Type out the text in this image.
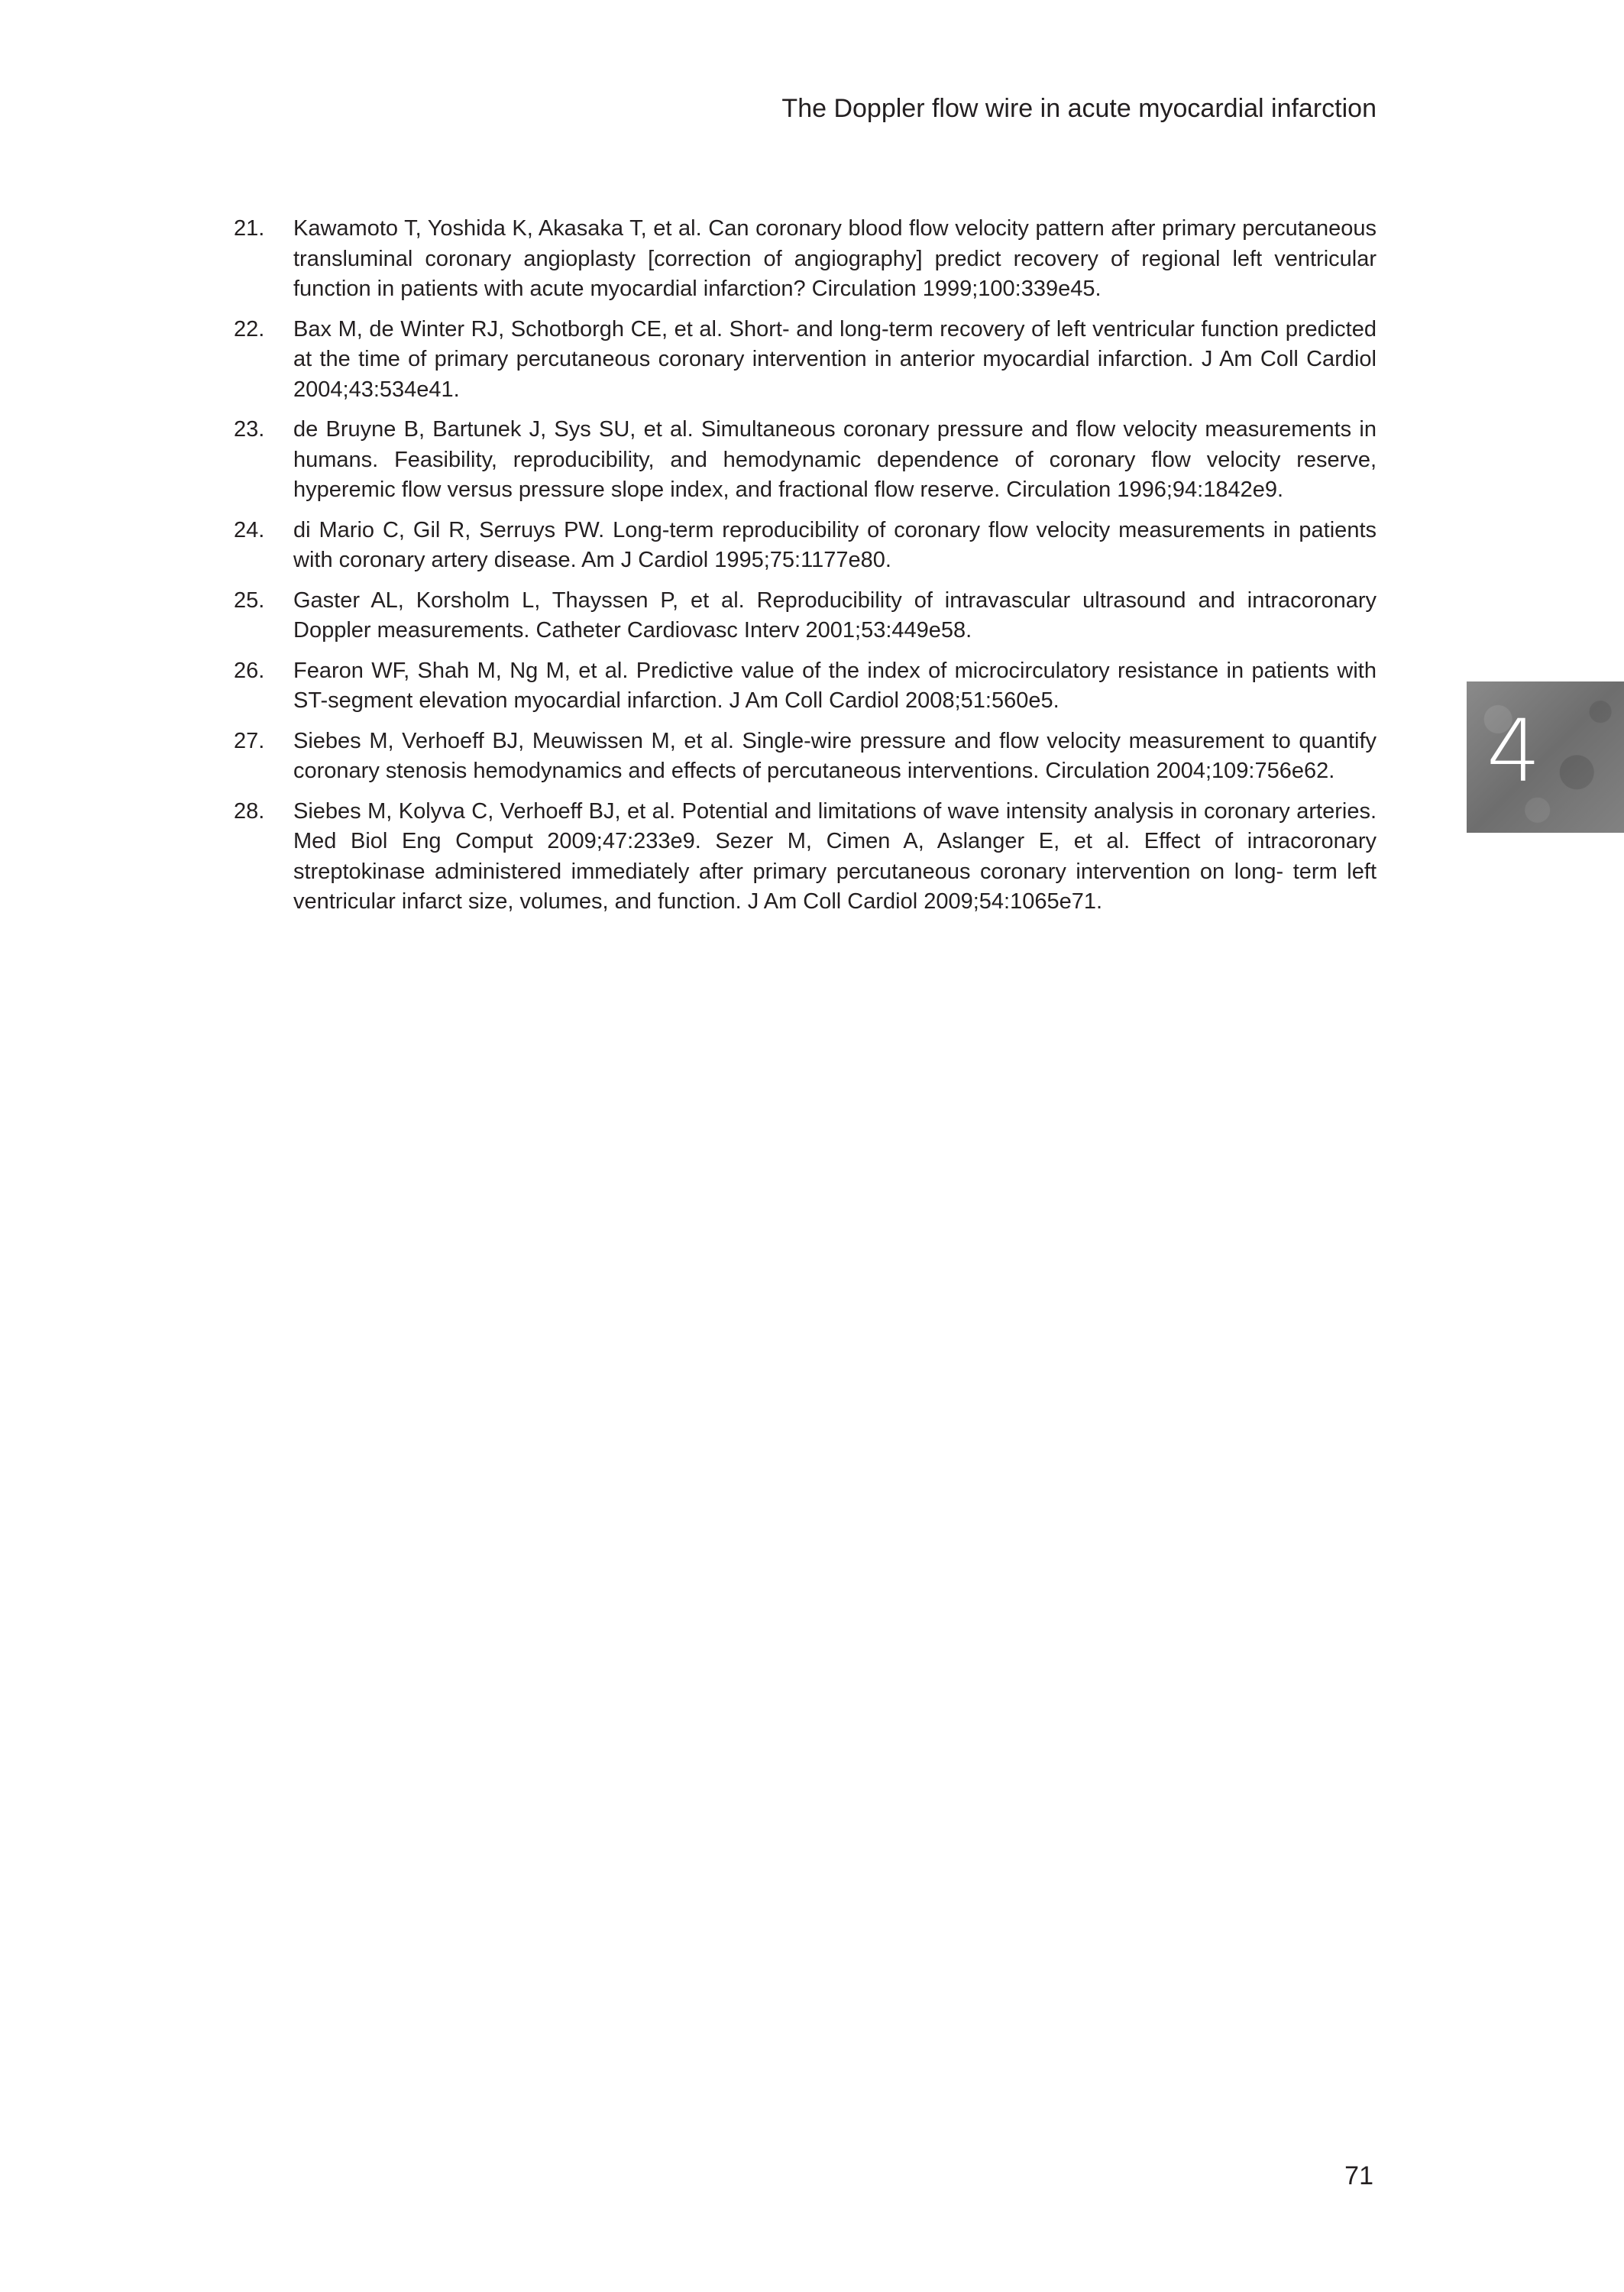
The Doppler flow wire in acute myocardial infarction
21.	Kawamoto T, Yoshida K, Akasaka T, et al. Can coronary blood flow velocity pattern after primary percutaneous transluminal coronary angioplasty [correction of angiography] predict recovery of regional left ventricular function in patients with acute myocardial infarction? Circulation 1999;100:339e45.
22.	Bax M, de Winter RJ, Schotborgh CE, et al. Short- and long-term recovery of left ventricular function predicted at the time of primary percutaneous coronary intervention in anterior myocardial infarction. J Am Coll Cardiol 2004;43:534e41.
23.	de Bruyne B, Bartunek J, Sys SU, et al. Simultaneous coronary pressure and flow velocity measurements in humans. Feasibility, reproducibility, and hemodynamic dependence of coronary flow velocity reserve, hyperemic flow versus pressure slope index, and fractional flow reserve. Circulation 1996;94:1842e9.
24.	di Mario C, Gil R, Serruys PW. Long-term reproducibility of coronary flow velocity measurements in patients with coronary artery disease. Am J Cardiol 1995;75:1177e80.
25.	Gaster AL, Korsholm L, Thayssen P, et al. Reproducibility of intravascular ultrasound and intracoronary Doppler measurements. Catheter Cardiovasc Interv 2001;53:449e58.
26.	Fearon WF, Shah M, Ng M, et al. Predictive value of the index of microcirculatory resistance in patients with ST-segment elevation myocardial infarction. J Am Coll Cardiol 2008;51:560e5.
27.	Siebes M, Verhoeff BJ, Meuwissen M, et al. Single-wire pressure and flow velocity measurement to quantify coronary stenosis hemodynamics and effects of percutaneous interventions. Circulation 2004;109:756e62.
28.	Siebes M, Kolyva C, Verhoeff BJ, et al. Potential and limitations of wave intensity analysis in coronary arteries. Med Biol Eng Comput 2009;47:233e9. Sezer M, Cimen A, Aslanger E, et al. Effect of intracoronary streptokinase administered immediately after primary percutaneous coronary intervention on long- term left ventricular infarct size, volumes, and function. J Am Coll Cardiol 2009;54:1065e71.
4
71
